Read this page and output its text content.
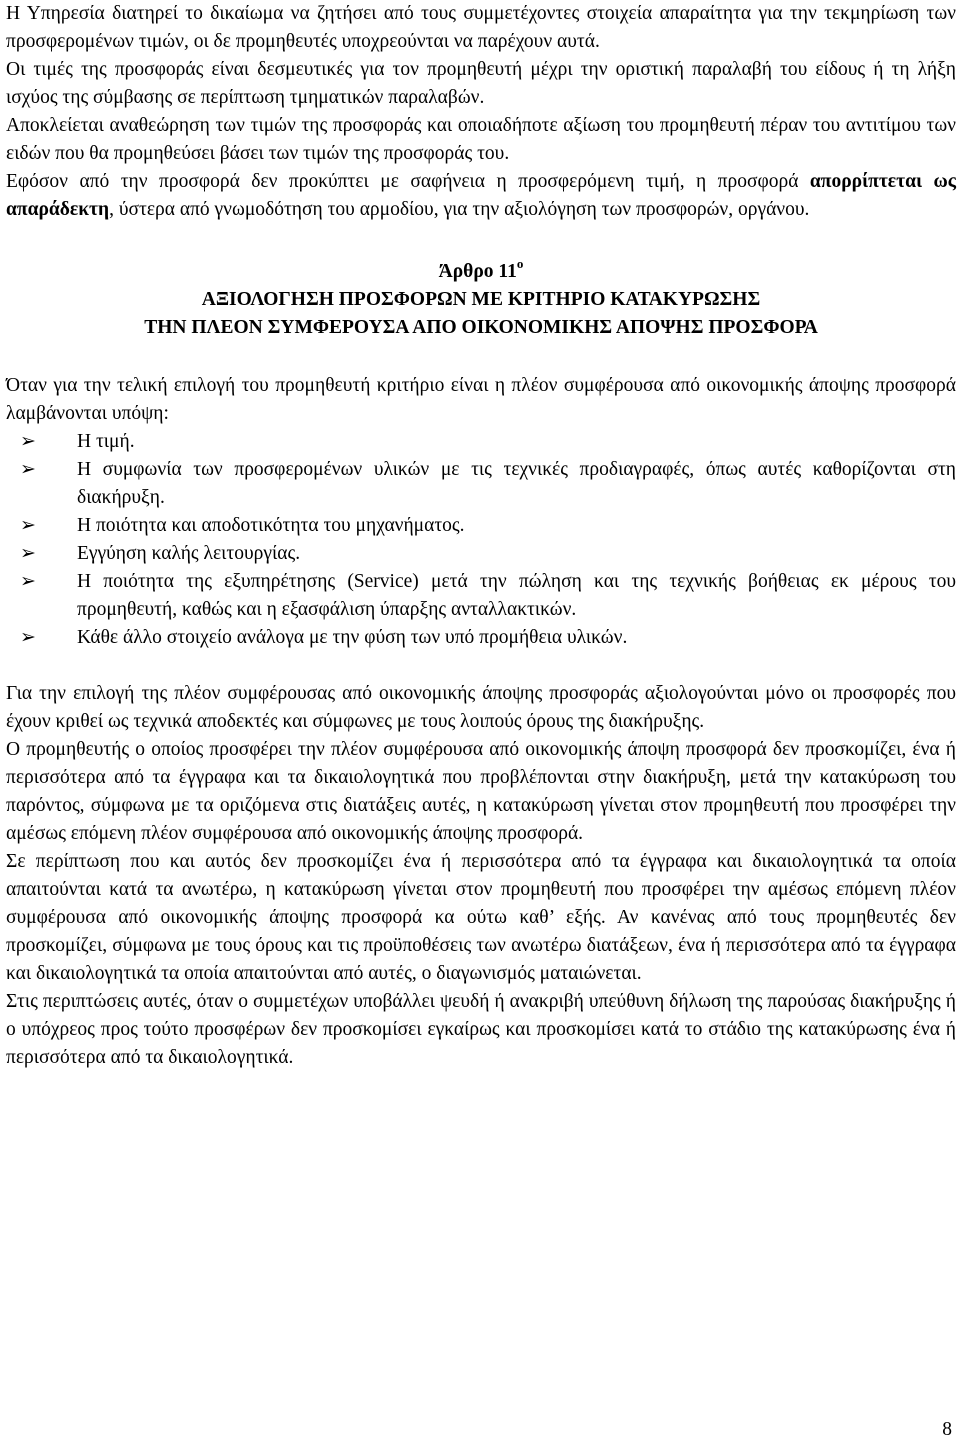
Η Υπηρεσία διατηρεί το δικαίωμα να ζητήσει από τους συμμετέχοντες στοιχεία απαραίτητα για την τεκμηρίωση των προσφερομένων τιμών, οι δε προμηθευτές υποχρεούνται να παρέχουν αυτά.

Οι τιμές της προσφοράς είναι δεσμευτικές για τον προμηθευτή μέχρι την οριστική παραλαβή του είδους ή τη λήξη ισχύος της σύμβασης σε περίπτωση τμηματικών παραλαβών.

Αποκλείεται αναθεώρηση των τιμών της προσφοράς και οποιαδήποτε αξίωση του προμηθευτή πέραν του αντιτίμου των ειδών που θα προμηθεύσει βάσει των τιμών της προσφοράς του.

Εφόσον από την προσφορά δεν προκύπτει με σαφήνεια η προσφερόμενη τιμή, η προσφορά απορρίπτεται ως απαράδεκτη, ύστερα από γνωμοδότηση του αρμοδίου, για την αξιολόγηση των προσφορών, οργάνου.

Άρθρο $11^o$
ΑΞΙΟΛΟΓΗΣΗ ΠΡΟΣΦΟΡΩΝ ΜΕ ΚΡΙΤΗΡΙΟ ΚΑΤΑΚΥΡΩΣΗΣ
ΤΗΝ ΠΛΕΟΝ ΣΥΜΦΕΡΟΥΣΑ ΑΠΟ ΟΙΚΟΝΟΜΙΚΗΣ ΑΠΟΨΗΣ ΠΡΟΣΦΟΡΑ

Όταν για την τελική επιλογή του προμηθευτή κριτήριο είναι η πλέον συμφέρουσα από οικονομικής άποψης προσφορά λαμβάνονται υπόψη:

➢ Η τιμή.
➢ Η συμφωνία των προσφερομένων υλικών με τις τεχνικές προδιαγραφές, όπως αυτές καθορίζονται στη διακήρυξη.
➢ Η ποιότητα και αποδοτικότητα του μηχανήματος.
➢ Εγγύηση καλής λειτουργίας.
➢ Η ποιότητα της εξυπηρέτησης (Service) μετά την πώληση και της τεχνικής βοήθειας εκ μέρους του προμηθευτή, καθώς και η εξασφάλιση ύπαρξης ανταλλακτικών.
➢ Κάθε άλλο στοιχείο ανάλογα με την φύση των υπό προμήθεια υλικών.

Για την επιλογή της πλέον συμφέρουσας από οικονομικής άποψης προσφοράς αξιολογούνται μόνο οι προσφορές που έχουν κριθεί ως τεχνικά αποδεκτές και σύμφωνες με τους λοιπούς όρους της διακήρυξης.

Ο προμηθευτής ο οποίος προσφέρει την πλέον συμφέρουσα από οικονομικής άποψη προσφορά δεν προσκομίζει, ένα ή περισσότερα από τα έγγραφα και τα δικαιολογητικά που προβλέπονται στην διακήρυξη, μετά την κατακύρωση του παρόντος, σύμφωνα με τα οριζόμενα στις διατάξεις αυτές, η κατακύρωση γίνεται στον προμηθευτή που προσφέρει την αμέσως επόμενη πλέον συμφέρουσα από οικονομικής άποψης προσφορά.

Σε περίπτωση που και αυτός δεν προσκομίζει ένα ή περισσότερα από τα έγγραφα και δικαιολογητικά τα οποία απαιτούνται κατά τα ανωτέρω, η κατακύρωση γίνεται στον προμηθευτή που προσφέρει την αμέσως επόμενη πλέον συμφέρουσα από οικονομικής άποψης προσφορά κα ούτω καθ’ εξής. Αν κανένας από τους προμηθευτές δεν προσκομίζει, σύμφωνα με τους όρους και τις προϋποθέσεις των ανωτέρω διατάξεων, ένα ή περισσότερα από τα έγγραφα και δικαιολογητικά τα οποία απαιτούνται από αυτές, ο διαγωνισμός ματαιώνεται.

Στις περιπτώσεις αυτές, όταν ο συμμετέχων υποβάλλει ψευδή ή ανακριβή υπεύθυνη δήλωση της παρούσας διακήρυξης ή ο υπόχρεος προς τούτο προσφέρων δεν προσκομίσει εγκαίρως και προσκομίσει κατά το στάδιο της κατακύρωσης ένα ή περισσότερα από τα δικαιολογητικά.

8
